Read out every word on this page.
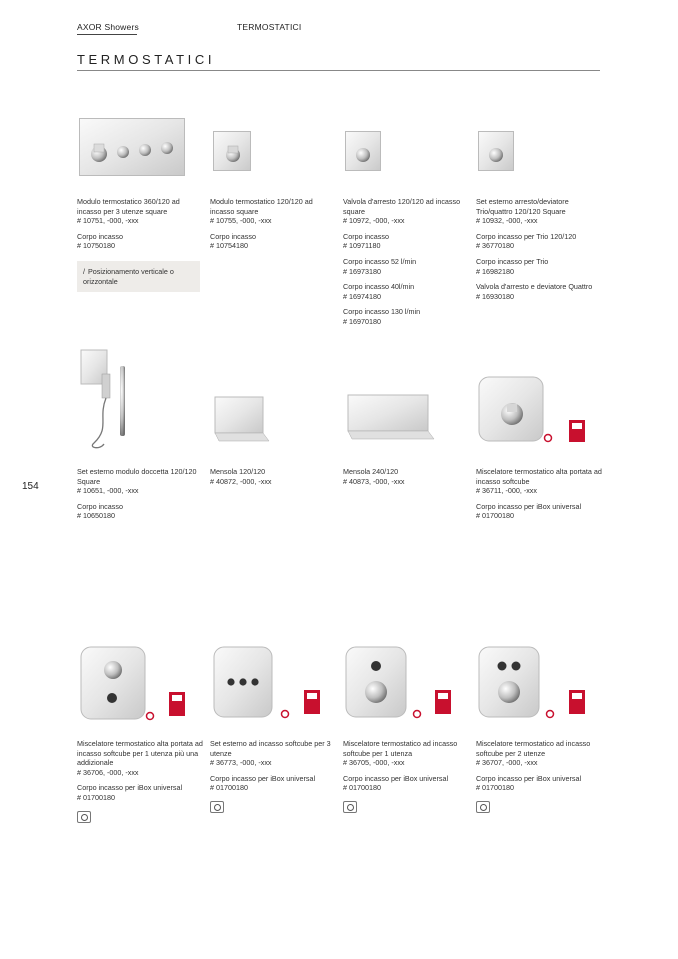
AXOR Showers	TERMOSTATICI
TERMOSTATICI
154
Modulo termostatico 360/120 ad incasso per 3 utenze square
# 10751, -000, -xxx
Corpo incasso
# 10750180
/ Posizionamento verticale o orizzontale
Modulo termostatico 120/120 ad incasso square
# 10755, -000, -xxx
Corpo incasso
# 10754180
Valvola d'arresto 120/120 ad incasso square
# 10972, -000, -xxx
Corpo incasso
# 10971180
Corpo incasso 52 l/min
# 16973180
Corpo incasso 40l/min
# 16974180
Corpo incasso 130 l/min
# 16970180
Set esterno arresto/deviatore Trio/quattro 120/120 Square
# 10932, -000, -xxx
Corpo incasso per Trio 120/120
# 36770180
Corpo incasso per Trio
# 16982180
Valvola d'arresto e deviatore Quattro
# 16930180
Set esterno modulo doccetta 120/120 Square
# 10651, -000, -xxx
Corpo incasso
# 10650180
Mensola 120/120
# 40872, -000, -xxx
Mensola 240/120
# 40873, -000, -xxx
Miscelatore termostatico alta portata ad incasso softcube
# 36711, -000, -xxx
Corpo incasso per iBox universal
# 01700180
Miscelatore termostatico alta portata ad incasso softcube per 1 utenza più una addizionale
# 36706, -000, -xxx
Corpo incasso per iBox universal
# 01700180
Set esterno ad incasso softcube per 3 utenze
# 36773, -000, -xxx
Corpo incasso per iBox universal
# 01700180
Miscelatore termostatico ad incasso softcube per 1 utenza
# 36705, -000, -xxx
Corpo incasso per iBox universal
# 01700180
Miscelatore termostatico ad incasso softcube per 2 utenze
# 36707, -000, -xxx
Corpo incasso per iBox universal
# 01700180
